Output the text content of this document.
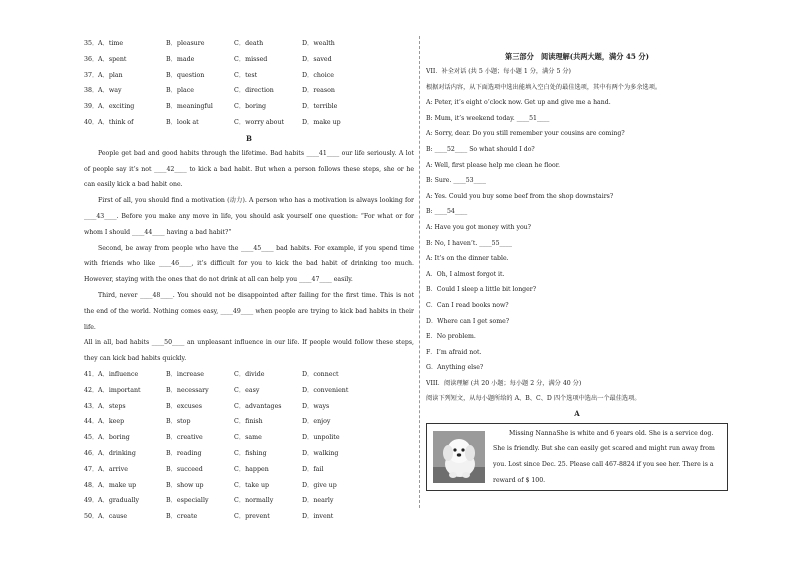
35． A．time	B．pleasure	C．death	D．wealth
36． A．spent	B．made	C．missed	D．saved
37． A．plan	B．question	C．test	D．choice
38． A．way	B．place	C．direction	D．reason
39． A．exciting	B．meaningful	C．boring	D．terrible
40． A．think of	B．look at	C．worry about	D．make up
B

People get bad and good habits through the lifetime. Bad habits ____41____ our life seriously. A lot of people say it’s not ____42____ to kick a bad habit. But when a person follows these steps, she or he can easily kick a bad habit one.

First of all, you should find a motivation (动力). A person who has a motivation is always looking for ____43____. Before you make any move in life, you should ask yourself one question: “For what or for whom I should ____44____ having a bad habit?”

Second, be away from people who have the ____45____ bad habits. For example, if you spend time with friends who like ____46____, it’s difficult for you to kick the bad habit of drinking too much. However, staying with the ones that do not drink at all can help you ____47____ easily.

Third, never ____48____. You should not be disappointed after failing for the first time. This is not the end of the world. Nothing comes easy, ____49____ when people are trying to kick bad habits in their life.

All in all, bad habits ____50____ an unpleasant influence in our life. If people would follow these steps, they can kick bad habits quickly.

41． A．influence	B．increase	C．divide	D．connect
42． A．important	B．necessary	C．easy	D．convenient
43． A．steps	B．excuses	C．advantages	D．ways
44． A．keep	B．stop	C．finish	D．enjoy
45． A．boring	B．creative	C．same	D．unpolite
46． A．drinking	B．reading	C．fishing	D．walking
47． A．arrive	B．succeed	C．happen	D．fail
48． A．make up	B．show up	C．take up	D．give up
49． A．gradually	B．especially	C．normally	D．nearly
50． A．cause	B．create	C．prevent	D．invent
第三部分　阅读理解(共两大题，满分 45 分)
VII．补全对话 (共 5 小题；每小题 1 分，满分 5 分)
根据对话内容，从下面选项中选出能填入空白处的最佳选项，其中有两个为多余选项。
A: Peter, it’s eight o’clock now. Get up and give me a hand.
B: Mum, it’s weekend today. ____51____
A: Sorry, dear. Do you still remember your cousins are coming?
B: ____52____ So what should I do?
A: Well, first please help me clean he floor.
B: Sure. ____53____
A: Yes. Could you buy some beef from the shop downstairs?
B: ____54____
A: Have you got money with you?
B: No, I haven’t. ____55____
A: It’s on the dinner table.
A．Oh, I almost forgot it.
B．Could I sleep a little bit longer?
C．Can I read books now?
D．Where can I get some?
E．No problem.
F．I’m afraid not.
G．Anything else?
VIII．阅读理解 (共 20 小题；每小题 2 分，满分 40 分)
阅读下列短文，从每小题所给的 A、B、C、D 四个选项中选出一个最佳选项。
A
Missing NannaShe is white and 6 years old. She is a service dog. She is friendly. But she can easily get scared and might run away from you. Lost since Dec. 25. Please call 467-8824 if you see her. There is a reward of $ 100.
